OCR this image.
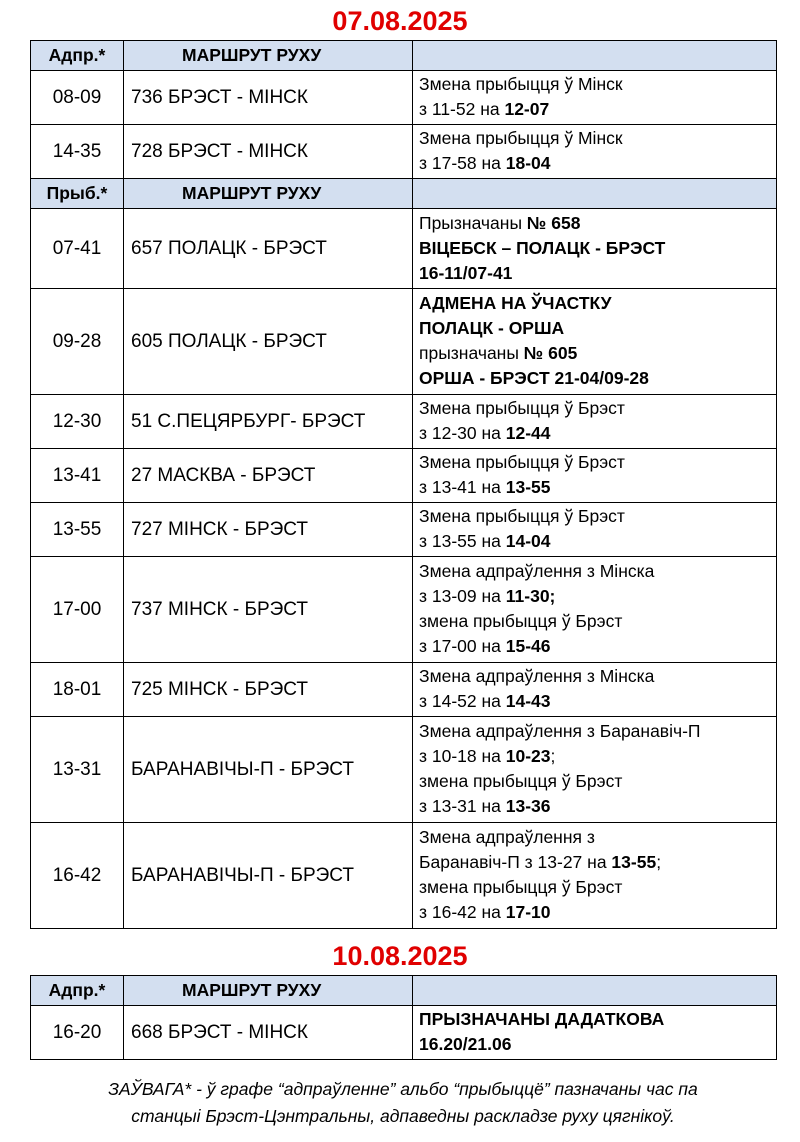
07.08.2025
Адпр.*	МАРШРУТ РУХУ	
08-09	736 БРЭСТ - МІНСК	Змена прыбыцця ў Мінск
з 11-52 на 12-07

14-35	728 БРЭСТ - МІНСК	Змена прыбыцця ў Мінск
з 17-58 на 18-04

Прыб.*	МАРШРУТ РУХУ	
07-41	657 ПОЛАЦК - БРЭСТ	Прызначаны № 658
ВІЦЕБСК – ПОЛАЦК - БРЭСТ
16-11/07-41

09-28	605 ПОЛАЦК - БРЭСТ	АДМЕНА НА ЎЧАСТКУ
ПОЛАЦК - ОРША
прызначаны № 605
ОРША - БРЭСТ 21-04/09-28

12-30	51 С.ПЕЦЯРБУРГ- БРЭСТ	Змена прыбыцця ў Брэст
з 12-30 на 12-44

13-41	27 МАСКВА - БРЭСТ	Змена прыбыцця ў Брэст
з 13-41 на 13-55

13-55	727 МІНСК - БРЭСТ	Змена прыбыцця ў Брэст
з 13-55 на 14-04

17-00	737 МІНСК - БРЭСТ	Змена адпраўлення з Мінска
з 13-09 на 11-30;
змена прыбыцця ў Брэст
з 17-00 на 15-46

18-01	725 МІНСК - БРЭСТ	Змена адпраўлення з Мінска
з 14-52 на 14-43

13-31	БАРАНАВІЧЫ-П - БРЭСТ	Змена адпраўлення з Баранавіч-П
з 10-18 на 10-23;
змена прыбыцця ў Брэст
з 13-31 на 13-36

16-42	БАРАНАВІЧЫ-П - БРЭСТ	Змена адпраўлення з
Баранавіч-П з 13-27 на 13-55;
змена прыбыцця ў Брэст
з 16-42 на 17-10
10.08.2025
Адпр.*	МАРШРУТ РУХУ	
16-20	668 БРЭСТ - МІНСК	ПРЫЗНАЧАНЫ ДАДАТКОВА
16.20/21.06
ЗАЎВАГА* - ў графе “адпраўленне” альбо “прыбыццё” пазначаны час па
станцыі Брэст-Цэнтральны, адпаведны раскладзе руху цягнікоў.
